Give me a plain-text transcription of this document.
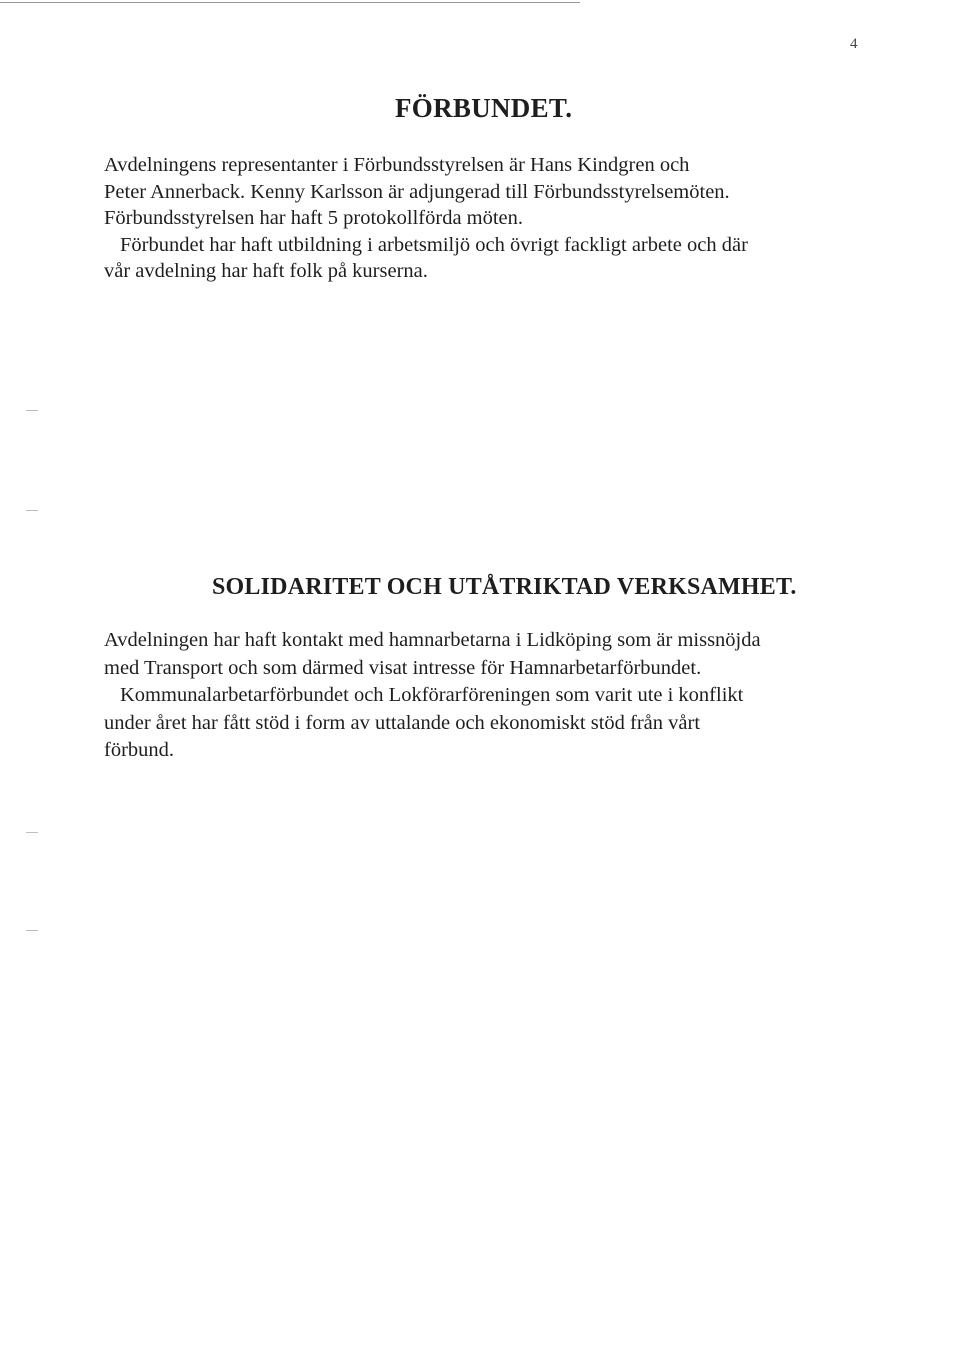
4
FÖRBUNDET.
Avdelningens representanter i Förbundsstyrelsen är Hans Kindgren och
Peter Annerback. Kenny Karlsson är adjungerad till Förbundsstyrelsemöten.
Förbundsstyrelsen har haft 5 protokollförda möten.
Förbundet har haft utbildning i arbetsmiljö och övrigt fackligt arbete och där
vår avdelning har haft folk på kurserna.
SOLIDARITET OCH UTÅTRIKTAD VERKSAMHET.
Avdelningen har haft kontakt med hamnarbetarna i Lidköping som är missnöjda
med Transport och som därmed visat intresse för Hamnarbetarförbundet.
Kommunalarbetarförbundet och Lokförarföreningen som varit ute i konflikt
under året har fått stöd i form av uttalande och ekonomiskt stöd från vårt
förbund.
